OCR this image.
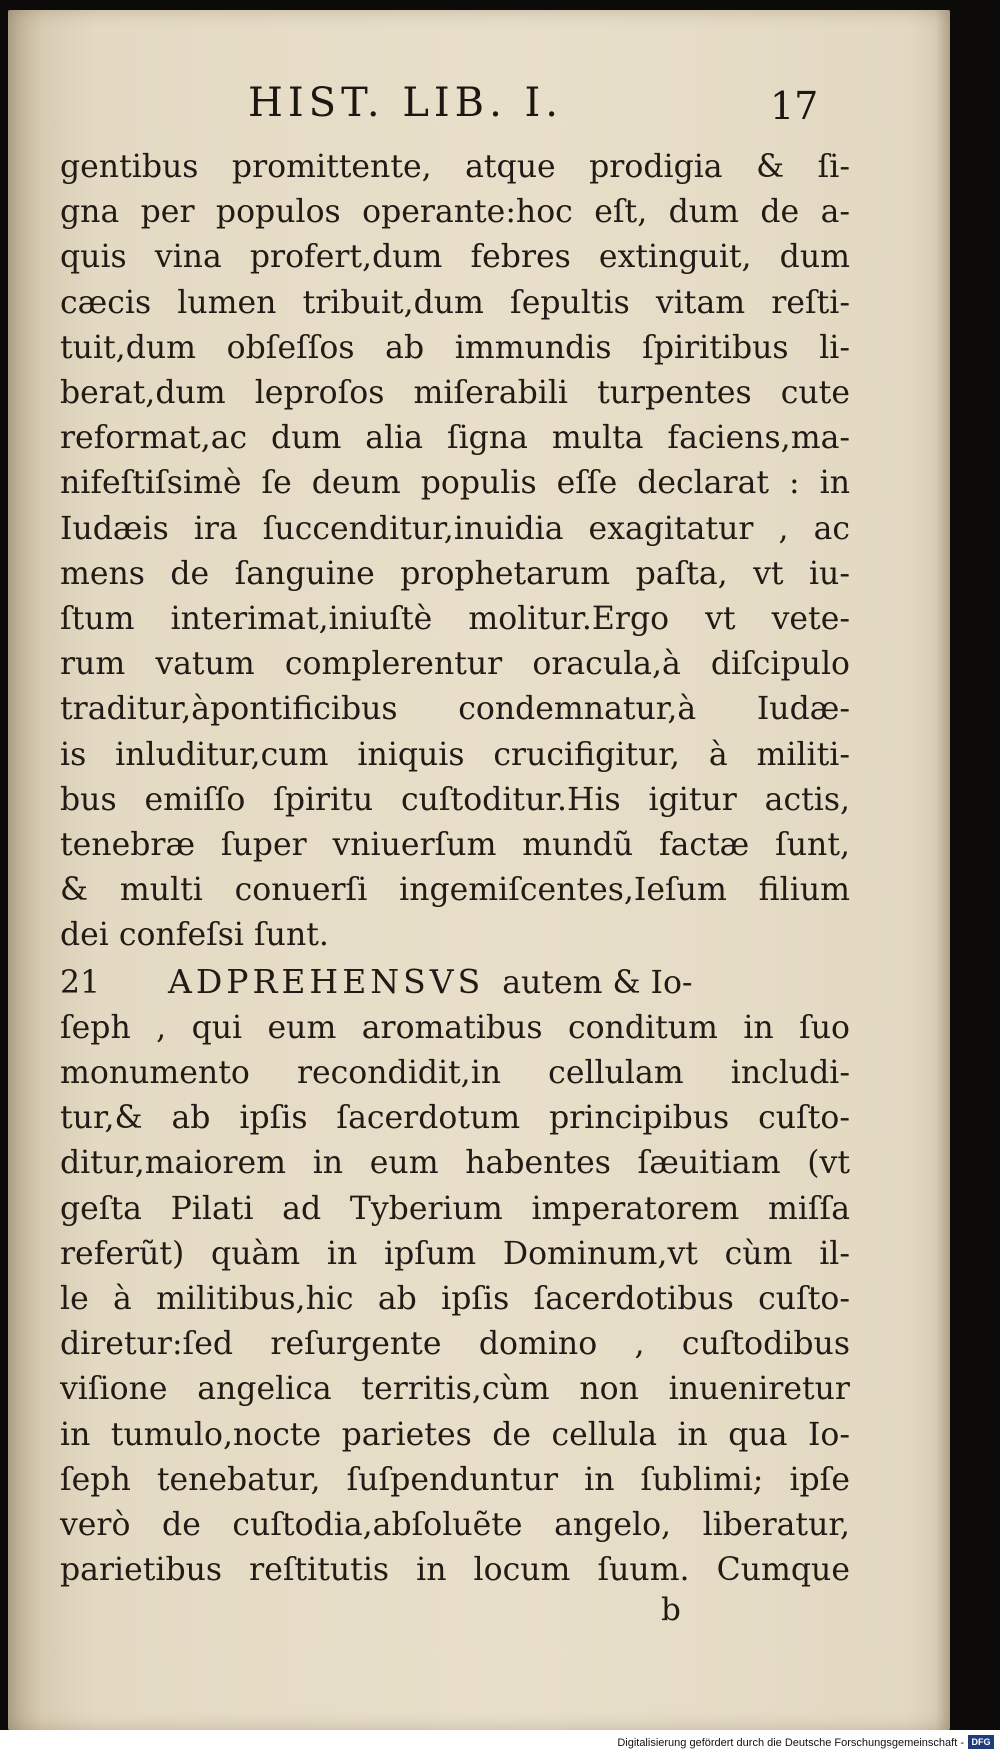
HIST. LIB. I.	17
gentibus promittente, atque prodigia & ſi-
gna per populos operante:hoc eſt, dum de a-
quis vina profert,dum febres extinguit, dum
cæcis lumen tribuit,dum ſepultis vitam reſti-
tuit,dum obſeſſos ab immundis ſpiritibus li-
berat,dum leproſos miſerabili turpentes cute
reformat,ac dum alia ſigna multa faciens,ma-
nifeſtiſsimè ſe deum populis eſſe declarat : in
Iudæis ira ſuccenditur,inuidia exagitatur , ac
mens de ſanguine prophetarum paſta, vt iu-
ſtum interimat,iniuſtè molitur.Ergo vt vete-
rum vatum complerentur oracula,à diſcipulo
traditur,àpontificibus condemnatur,à Iudæ-
is inluditur,cum iniquis crucifigitur, à militi-
bus emiſſo ſpiritu cuſtoditur.His igitur actis,
tenebræ ſuper vniuerſum mundũ factæ ſunt,
& multi conuerſi ingemiſcentes,Ieſum filium
dei confeſsi ſunt.
21	ADPREHENSVS autem & Io-
ſeph , qui eum aromatibus conditum in ſuo
monumento recondidit,in cellulam includi-
tur,& ab ipſis ſacerdotum principibus cuſto-
ditur,maiorem in eum habentes ſæuitiam (vt
geſta Pilati ad Tyberium imperatorem miſſa
referũt) quàm in ipſum Dominum,vt cùm il-
le à militibus,hic ab ipſis ſacerdotibus cuſto-
diretur:ſed reſurgente domino , cuſtodibus
viſione angelica territis,cùm non inueniretur
in tumulo,nocte parietes de cellula in qua Io-
ſeph tenebatur, ſuſpenduntur in ſublimi; ipſe
verò de cuſtodia,abſoluẽte angelo, liberatur,
parietibus reſtitutis in locum ſuum. Cumque
b
Digitalisierung gefördert durch die Deutsche Forschungsgemeinschaft - DFG
